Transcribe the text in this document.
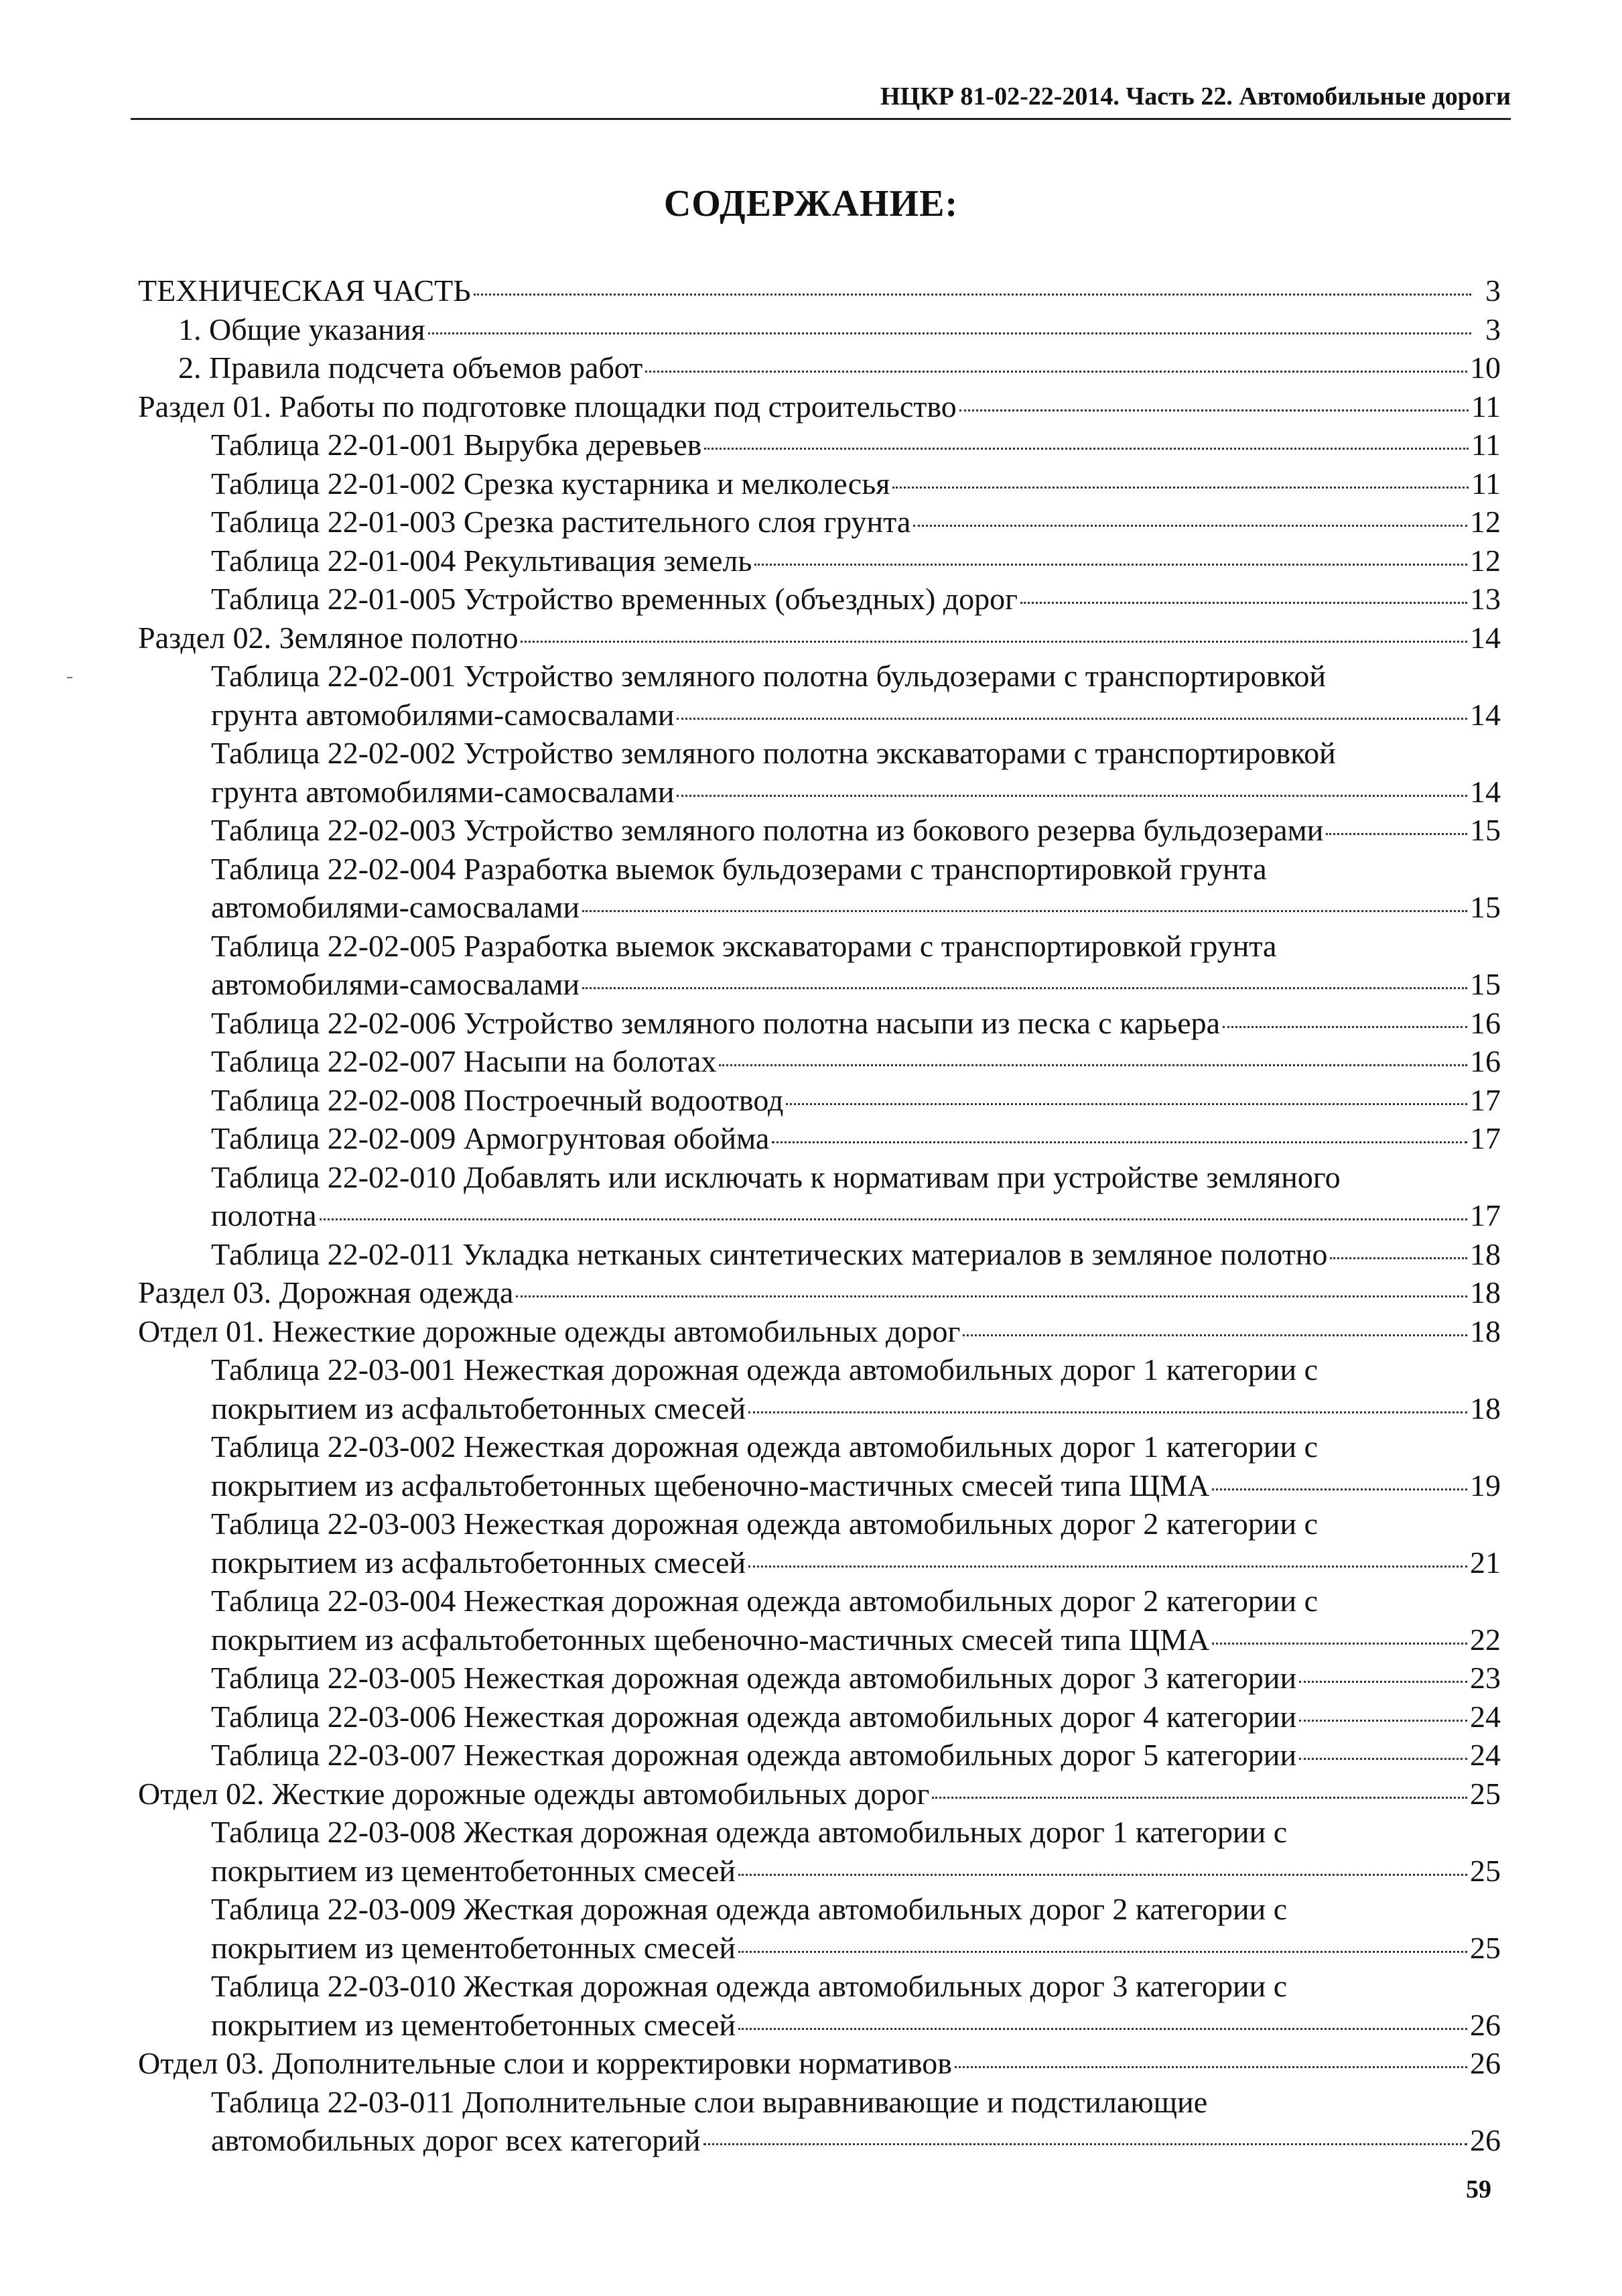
НЦКР 81-02-22-2014. Часть 22. Автомобильные дороги
СОДЕРЖАНИЕ:
ТЕХНИЧЕСКАЯ ЧАСТЬ	3
1. Общие указания	3
2. Правила подсчета объемов работ	10
Раздел 01. Работы по подготовке площадки под строительство	11
Таблица 22-01-001 Вырубка деревьев	11
Таблица 22-01-002 Срезка кустарника и мелколесья	11
Таблица 22-01-003 Срезка растительного слоя грунта	12
Таблица 22-01-004 Рекультивация земель	12
Таблица 22-01-005 Устройство временных (объездных) дорог	13
Раздел 02. Земляное полотно	14
Таблица 22-02-001 Устройство земляного полотна бульдозерами с транспортировкой
грунта автомобилями-самосвалами	14
Таблица 22-02-002 Устройство земляного полотна экскаваторами с транспортировкой
грунта автомобилями-самосвалами	14
Таблица 22-02-003 Устройство земляного полотна из бокового резерва бульдозерами	15
Таблица 22-02-004 Разработка выемок бульдозерами с транспортировкой грунта
автомобилями-самосвалами	15
Таблица 22-02-005 Разработка выемок экскаваторами с транспортировкой грунта
автомобилями-самосвалами	15
Таблица 22-02-006 Устройство земляного полотна насыпи из песка с карьера	16
Таблица 22-02-007 Насыпи на болотах	16
Таблица 22-02-008 Построечный водоотвод	17
Таблица 22-02-009 Армогрунтовая обойма	17
Таблица 22-02-010 Добавлять или исключать к нормативам при устройстве земляного
полотна	17
Таблица 22-02-011 Укладка нетканых синтетических материалов в земляное полотно	18
Раздел 03. Дорожная одежда	18
Отдел 01. Нежесткие дорожные одежды автомобильных дорог	18
Таблица 22-03-001 Нежесткая дорожная одежда автомобильных дорог 1 категории с
покрытием из асфальтобетонных смесей	18
Таблица 22-03-002 Нежесткая дорожная одежда автомобильных дорог 1 категории с
покрытием из асфальтобетонных щебеночно-мастичных смесей типа ЩМА	19
Таблица 22-03-003 Нежесткая дорожная одежда автомобильных дорог 2 категории с
покрытием из асфальтобетонных смесей	21
Таблица 22-03-004 Нежесткая дорожная одежда автомобильных дорог 2 категории с
покрытием из асфальтобетонных щебеночно-мастичных смесей типа ЩМА	22
Таблица 22-03-005 Нежесткая дорожная одежда автомобильных дорог 3 категории	23
Таблица 22-03-006 Нежесткая дорожная одежда автомобильных дорог 4 категории	24
Таблица 22-03-007 Нежесткая дорожная одежда автомобильных дорог 5 категории	24
Отдел 02. Жесткие дорожные одежды автомобильных дорог	25
Таблица 22-03-008 Жесткая дорожная одежда автомобильных дорог 1 категории с
покрытием из цементобетонных смесей	25
Таблица 22-03-009 Жесткая дорожная одежда автомобильных дорог 2 категории с
покрытием из цементобетонных смесей	25
Таблица 22-03-010 Жесткая дорожная одежда автомобильных дорог 3 категории с
покрытием из цементобетонных смесей	26
Отдел 03. Дополнительные слои и корректировки нормативов	26
Таблица 22-03-011 Дополнительные слои выравнивающие и подстилающие
автомобильных дорог всех категорий	26
59
